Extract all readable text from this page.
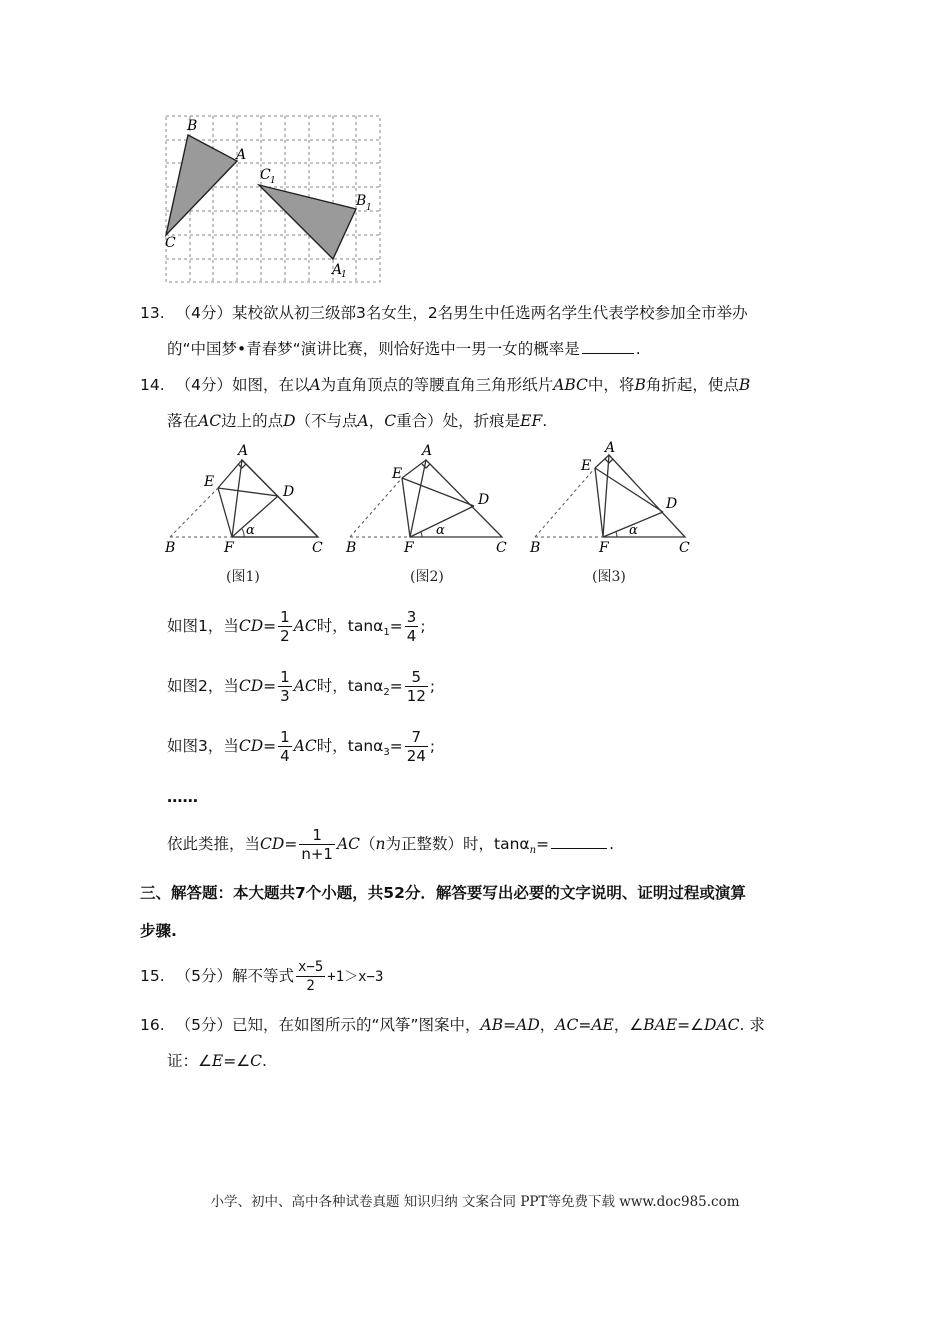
B
A
C
C 1
B 1
A
1
13. （4分）某校欲从初三级部3名女生，2名男生中任选两名学生代表学校参加全市举办
的“中国梦•青春梦“演讲比赛，则恰好选中一男一女的概率是	.
14. （4分）如图，在以A为直角顶点的等腰直角三角形纸片ABC中，将B角折起，使点B
落在AC边上的点D（不与点A，C重合）处，折痕是EF.
A
E
D
α
B	F	C
(图1)
A
E
D
α
B	F	C
(图2)
A
E
D
α
B	F	C
(图3)
如图1，当$CD= \frac{1}{2}$ AC时，$\tan\alpha_1= \frac{3}{4}$ ;
如图2，当$CD= \frac{1}{3}$ AC时，$\tan\alpha_2= \frac{5}{12}$ ;
如图3，当$CD= \frac{1}{4}$ AC时，$\tan\alpha_3= \frac{7}{24}$ ;
……
依此类推，当$CD= \frac{1}{n+1} AC(n$为正整数）时，tanα$_n$=	.
三、解答题：本大题共7个小题，共52分．解答要写出必要的文字说明、证明过程或演算
步骤.
15. （5分）解不等式 $\frac{x-5}{2} +1>x-3$
16. （5分）已知，在如图所示的“风筝”图案中，AB=AD，AC=AE，∠BAE=∠DAC. 求
证：∠E=∠C.
小学、初中、高中各种试卷真题 知识归纳 文案合同 PPT等免费下载 www.doc985.com
